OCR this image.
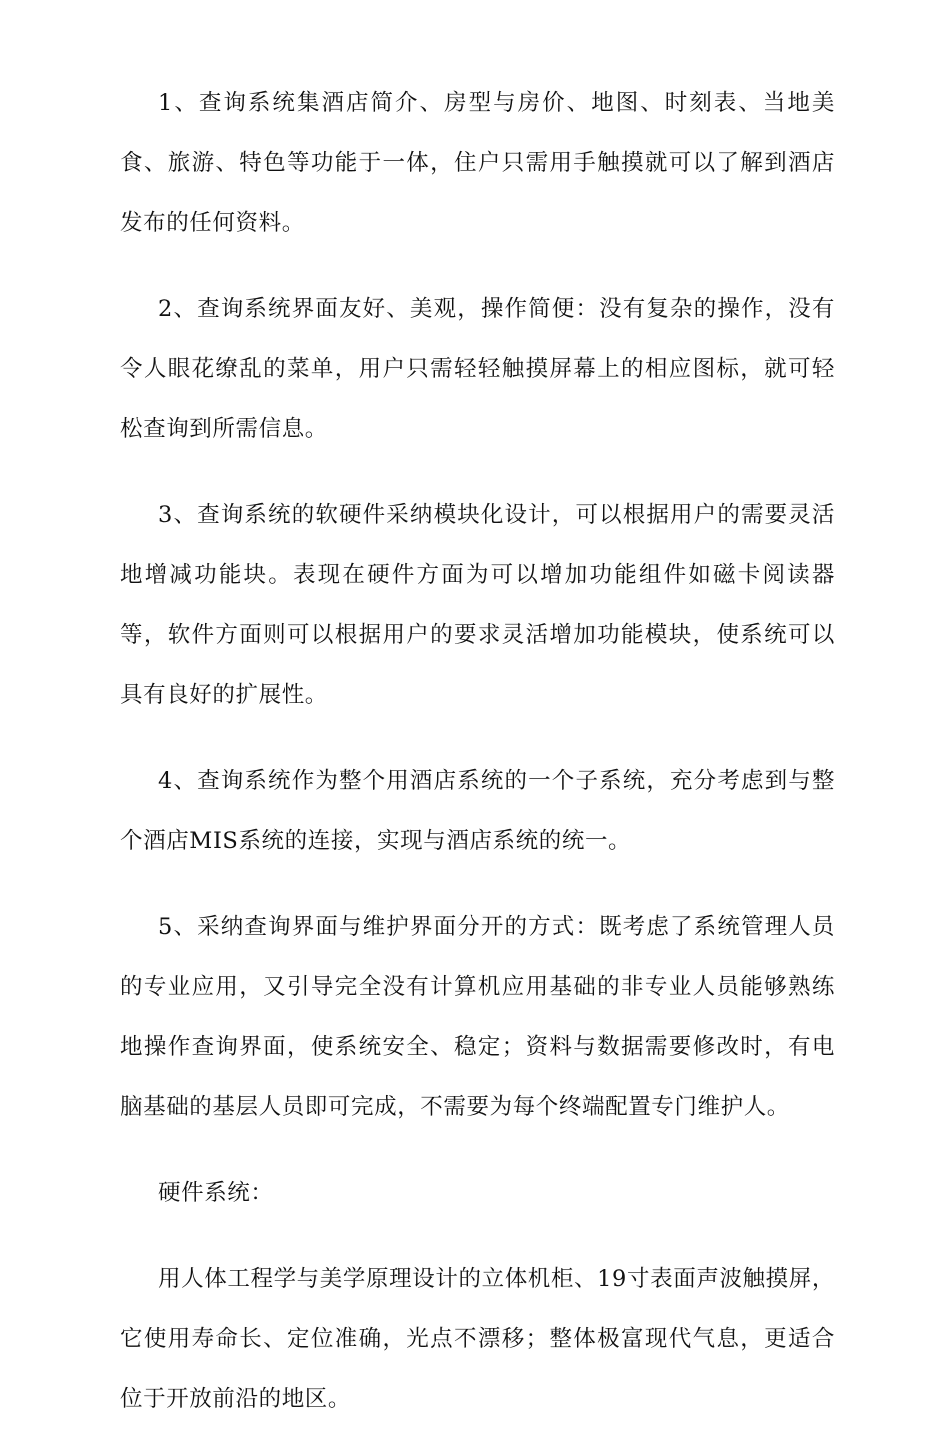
1、查询系统集酒店简介、房型与房价、地图、时刻表、当地美食、旅游、特色等功能于一体，住户只需用手触摸就可以了解到酒店发布的任何资料。

2、查询系统界面友好、美观，操作简便：没有复杂的操作，没有令人眼花缭乱的菜单，用户只需轻轻触摸屏幕上的相应图标，就可轻松查询到所需信息。

3、查询系统的软硬件采纳模块化设计，可以根据用户的需要灵活地增减功能块。表现在硬件方面为可以增加功能组件如磁卡阅读器等，软件方面则可以根据用户的要求灵活增加功能模块，使系统可以具有良好的扩展性。

4、查询系统作为整个用酒店系统的一个子系统，充分考虑到与整个酒店MIS系统的连接，实现与酒店系统的统一。

5、采纳查询界面与维护界面分开的方式：既考虑了系统管理人员的专业应用，又引导完全没有计算机应用基础的非专业人员能够熟练地操作查询界面，使系统安全、稳定；资料与数据需要修改时，有电脑基础的基层人员即可完成，不需要为每个终端配置专门维护人。

硬件系统：

用人体工程学与美学原理设计的立体机柜、19寸表面声波触摸屏，它使用寿命长、定位准确，光点不漂移；整体极富现代气息，更适合位于开放前沿的地区。
